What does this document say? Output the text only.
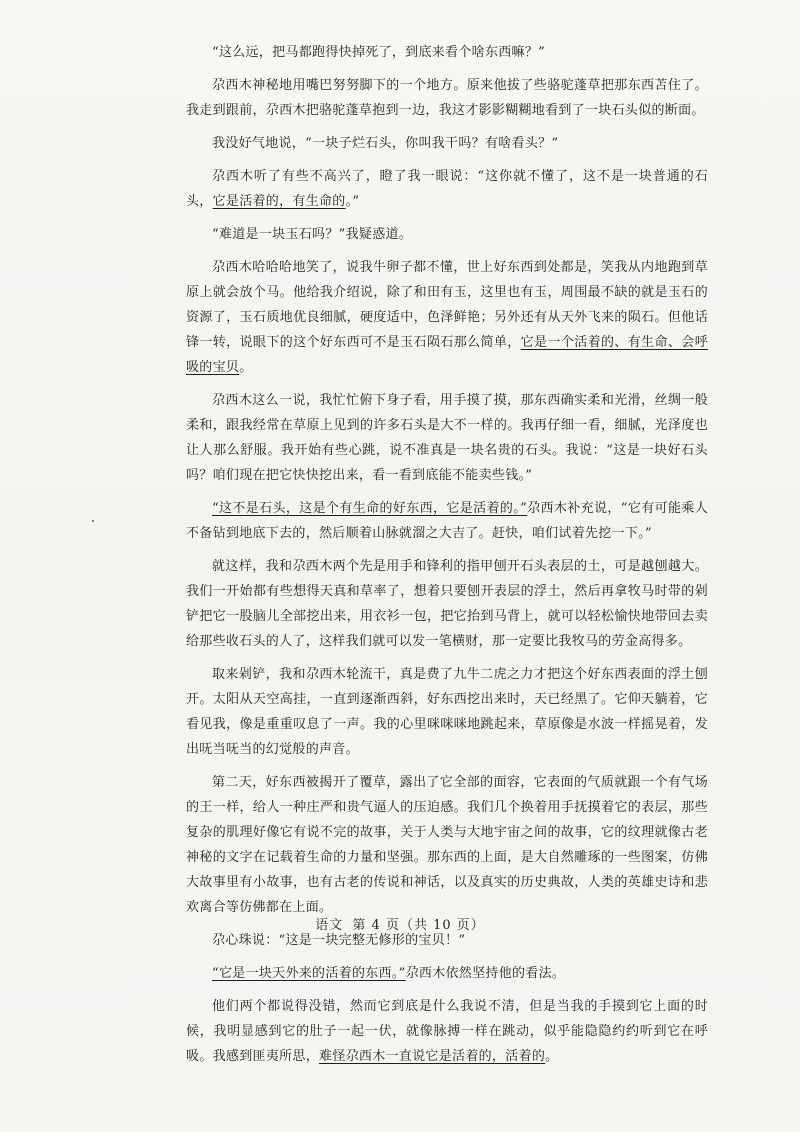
“这么远，把马都跑得快掉死了，到底来看个啥东西嘛？”

尕西木神秘地用嘴巴努努脚下的一个地方。原来他拔了些骆驼蓬草把那东西苫住了。我走到跟前，尕西木把骆驼蓬草抱到一边，我这才影影糊糊地看到了一块石头似的断面。

我没好气地说，“一块子烂石头，你叫我干吗？有啥看头？”

尕西木听了有些不高兴了，瞪了我一眼说：“这你就不懂了，这不是一块普通的石头，它是活着的，有生命的。”

“难道是一块玉石吗？”我疑惑道。

尕西木哈哈哈地笑了，说我牛卵子都不懂，世上好东西到处都是，笑我从内地跑到草原上就会放个马。他给我介绍说，除了和田有玉，这里也有玉，周围最不缺的就是玉石的资源了，玉石质地优良细腻，硬度适中，色泽鲜艳；另外还有从天外飞来的陨石。但他话锋一转，说眼下的这个好东西可不是玉石陨石那么简单，它是一个活着的、有生命、会呼吸的宝贝。

尕西木这么一说，我忙忙俯下身子看，用手摸了摸，那东西确实柔和光滑，丝绸一般柔和，跟我经常在草原上见到的许多石头是大不一样的。我再仔细一看，细腻，光泽度也让人那么舒服。我开始有些心跳，说不准真是一块名贵的石头。我说：“这是一块好石头吗？咱们现在把它快快挖出来，看一看到底能不能卖些钱。”

“这不是石头，这是个有生命的好东西，它是活着的。”尕西木补充说，“它有可能乘人不备钻到地底下去的，然后顺着山脉就溜之大吉了。赶快，咱们试着先挖一下。”

就这样，我和尕西木两个先是用手和锋利的指甲刨开石头表层的土，可是越刨越大。我们一开始都有些想得天真和草率了，想着只要刨开表层的浮土，然后再拿牧马时带的剁铲把它一股脑儿全部挖出来，用衣衫一包，把它抬到马背上，就可以轻松愉快地带回去卖给那些收石头的人了，这样我们就可以发一笔横财，那一定要比我牧马的劳金高得多。

取来剁铲，我和尕西木轮流干，真是费了九牛二虎之力才把这个好东西表面的浮土刨开。太阳从天空高挂，一直到逐渐西斜，好东西挖出来时，天已经黑了。它仰天躺着，它看见我，像是重重叹息了一声。我的心里咪咪咪地跳起来，草原像是水波一样摇晃着，发出呒当呒当的幻觉般的声音。

第二天，好东西被揭开了覆草，露出了它全部的面容，它表面的气质就跟一个有气场的王一样，给人一种庄严和贵气逼人的压迫感。我们几个换着用手抚摸着它的表层，那些复杂的肌理好像它有说不完的故事，关于人类与大地宇宙之间的故事，它的纹理就像古老神秘的文字在记载着生命的力量和坚强。那东西的上面，是大自然雕琢的一些图案，仿佛大故事里有小故事，也有古老的传说和神话，以及真实的历史典故，人类的英雄史诗和悲欢离合等仿佛都在上面。

尕心珠说：“这是一块完整无修形的宝贝！”

“它是一块天外来的活着的东西。”尕西木依然坚持他的看法。

他们两个都说得没错，然而它到底是什么我说不清，但是当我的手摸到它上面的时候，我明显感到它的肚子一起一伏，就像脉搏一样在跳动，似乎能隐隐约约听到它在呼吸。我感到匪夷所思，难怪尕西木一直说它是活着的，活着的。

语文 第 4 页（共 10 页）
